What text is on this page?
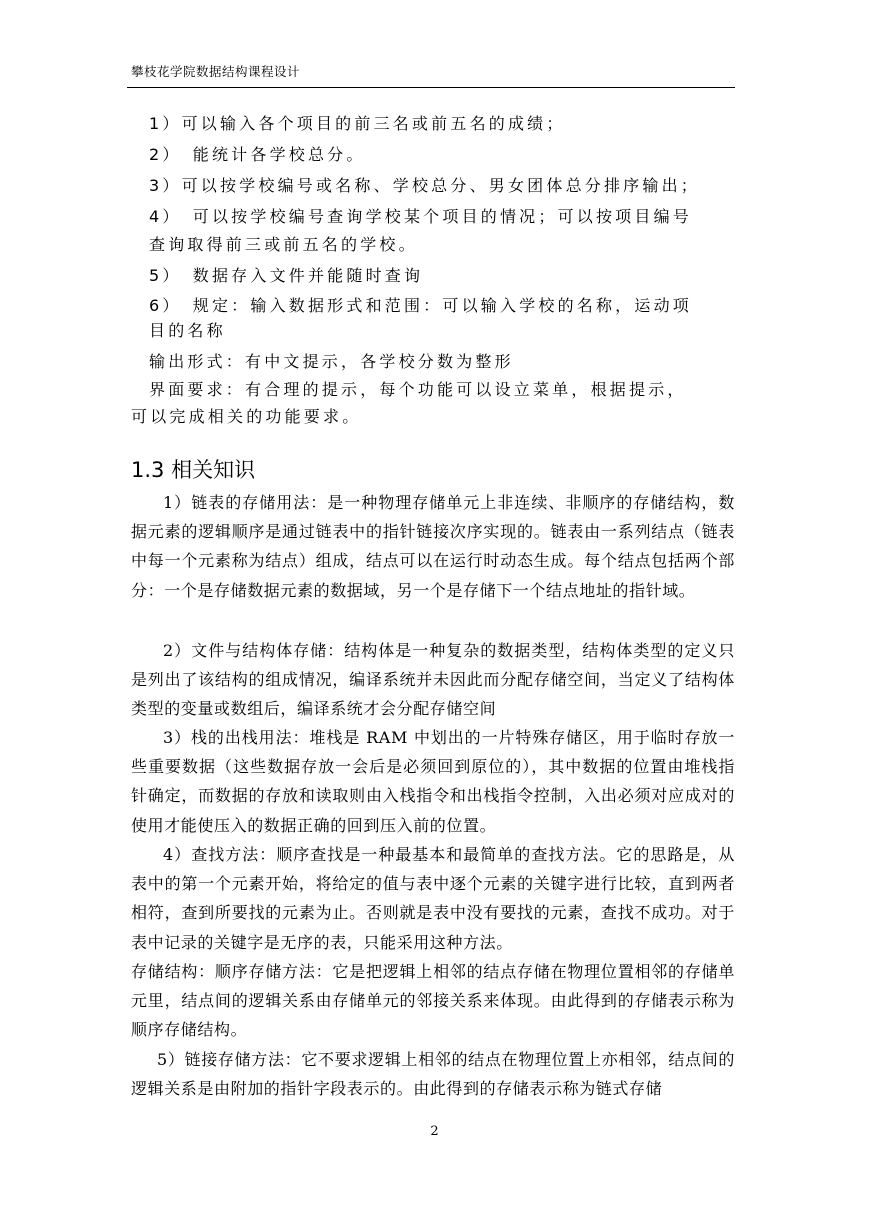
攀枝花学院数据结构课程设计
1）可以输入各个项目的前三名或前五名的成绩；
2）　能统计各学校总分。
3）可以按学校编号或名称、学校总分、男女团体总分排序输出；
4）　可以按学校编号查询学校某个项目的情况；可以按项目编号
查询取得前三或前五名的学校。
5）　数据存入文件并能随时查询
6）　规定：输入数据形式和范围：可以输入学校的名称，运动项
目的名称
输出形式：有中文提示，各学校分数为整形
界面要求：有合理的提示，每个功能可以设立菜单，根据提示，
可以完成相关的功能要求。
1.3 相关知识
1）链表的存储用法：是一种物理存储单元上非连续、非顺序的存储结构，数据元素的逻辑顺序是通过链表中的指针链接次序实现的。链表由一系列结点（链表中每一个元素称为结点）组成，结点可以在运行时动态生成。每个结点包括两个部分：一个是存储数据元素的数据域，另一个是存储下一个结点地址的指针域。
2）文件与结构体存储：结构体是一种复杂的数据类型，结构体类型的定义只是列出了该结构的组成情况，编译系统并未因此而分配存储空间，当定义了结构体类型的变量或数组后，编译系统才会分配存储空间
3）栈的出栈用法：堆栈是 RAM 中划出的一片特殊存储区，用于临时存放一些重要数据（这些数据存放一会后是必须回到原位的），其中数据的位置由堆栈指针确定，而数据的存放和读取则由入栈指令和出栈指令控制，入出必须对应成对的使用才能使压入的数据正确的回到压入前的位置。
4）查找方法：顺序查找是一种最基本和最简单的查找方法。它的思路是，从表中的第一个元素开始，将给定的值与表中逐个元素的关键字进行比较，直到两者相符，查到所要找的元素为止。否则就是表中没有要找的元素，查找不成功。对于表中记录的关键字是无序的表，只能采用这种方法。
存储结构：顺序存储方法：它是把逻辑上相邻的结点存储在物理位置相邻的存储单元里，结点间的逻辑关系由存储单元的邻接关系来体现。由此得到的存储表示称为顺序存储结构。
5）链接存储方法：它不要求逻辑上相邻的结点在物理位置上亦相邻，结点间的逻辑关系是由附加的指针字段表示的。由此得到的存储表示称为链式存储
2
